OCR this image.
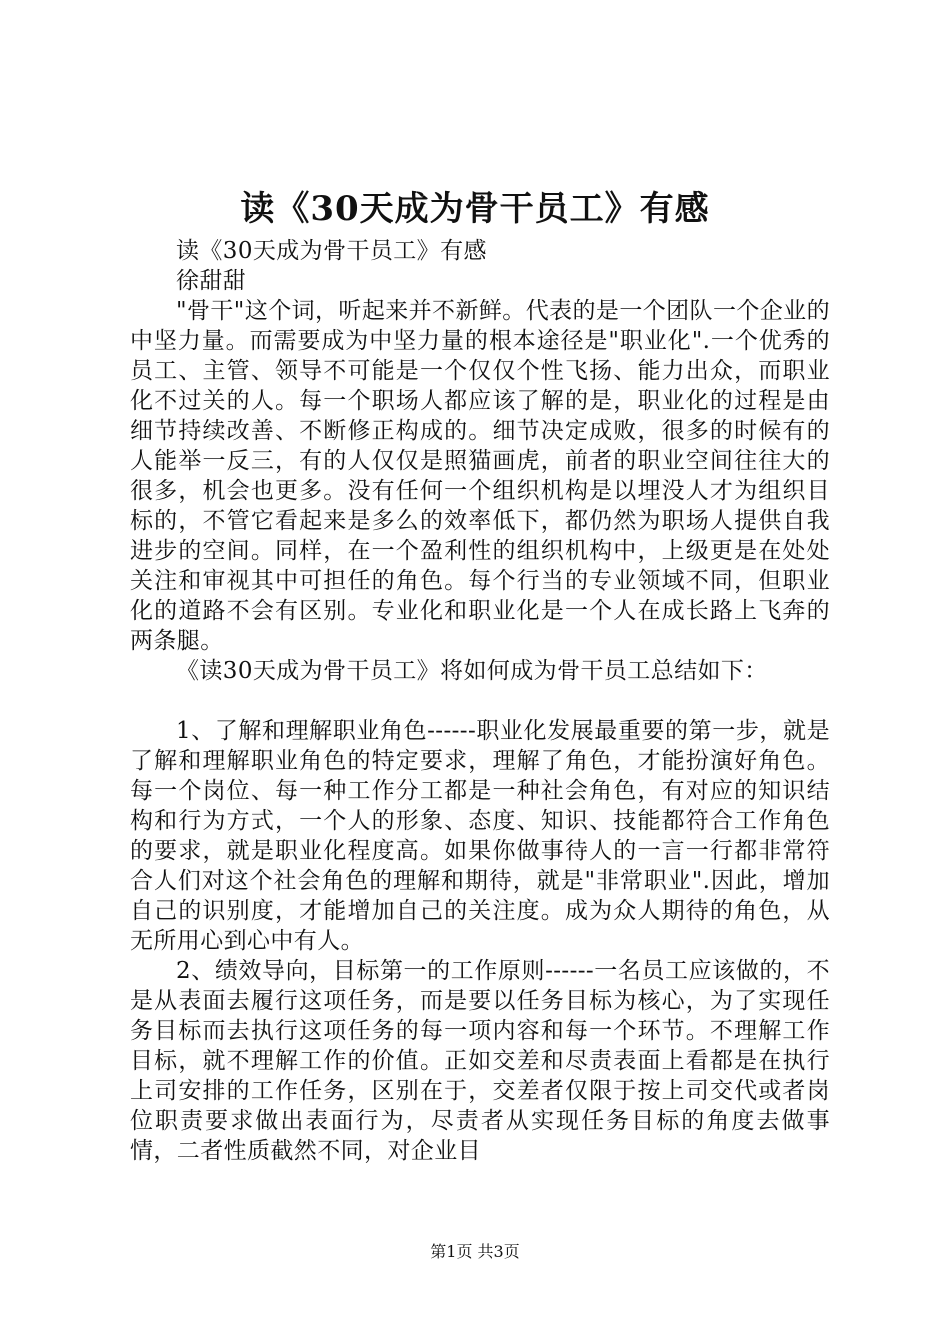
读《30天成为骨干员工》有感

读《30天成为骨干员工》有感

徐甜甜

"骨干"这个词，听起来并不新鲜。代表的是一个团队一个企业的中坚力量。而需要成为中坚力量的根本途径是"职业化".一个优秀的员工、主管、领导不可能是一个仅仅个性飞扬、能力出众，而职业化不过关的人。每一个职场人都应该了解的是，职业化的过程是由细节持续改善、不断修正构成的。细节决定成败，很多的时候有的人能举一反三，有的人仅仅是照猫画虎，前者的职业空间往往大的很多，机会也更多。没有任何一个组织机构是以埋没人才为组织目标的，不管它看起来是多么的效率低下，都仍然为职场人提供自我进步的空间。同样，在一个盈利性的组织机构中，上级更是在处处关注和审视其中可担任的角色。每个行当的专业领域不同，但职业化的道路不会有区别。专业化和职业化是一个人在成长路上飞奔的两条腿。

《读30天成为骨干员工》将如何成为骨干员工总结如下：

1、了解和理解职业角色------职业化发展最重要的第一步，就是了解和理解职业角色的特定要求，理解了角色，才能扮演好角色。每一个岗位、每一种工作分工都是一种社会角色，有对应的知识结构和行为方式，一个人的形象、态度、知识、技能都符合工作角色的要求，就是职业化程度高。如果你做事待人的一言一行都非常符合人们对这个社会角色的理解和期待，就是"非常职业".因此，增加自己的识别度，才能增加自己的关注度。成为众人期待的角色，从无所用心到心中有人。

2、绩效导向，目标第一的工作原则------一名员工应该做的，不是从表面去履行这项任务，而是要以任务目标为核心，为了实现任务目标而去执行这项任务的每一项内容和每一个环节。不理解工作目标，就不理解工作的价值。正如交差和尽责表面上看都是在执行上司安排的工作任务，区别在于，交差者仅限于按上司交代或者岗位职责要求做出表面行为，尽责者从实现任务目标的角度去做事情，二者性质截然不同，对企业目

第1页 共3页
